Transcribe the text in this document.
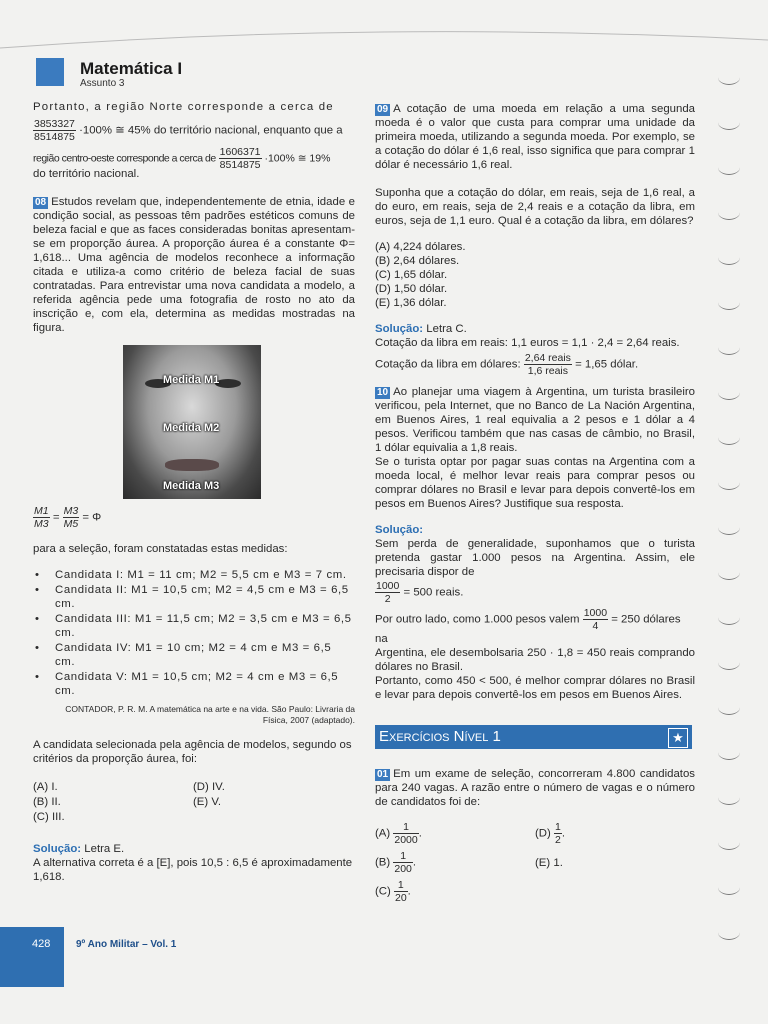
Matemática I
Assunto 3

Portanto, a região Norte corresponde a cerca de

$\frac{3853327}{8514875} \cdot 100\%$ ≅ 45% do território nacional, enquanto que a
região centro-oeste corresponde a cerca de $\frac{1606371}{8514875} \cdot 100\%$ ≅ 19%

do território nacional.

08 Estudos revelam que, independentemente de etnia, idade e condição social, as pessoas têm padrões estéticos comuns de beleza facial e que as faces consideradas bonitas apresentam-se em proporção áurea. A proporção áurea é a constante Φ= 1,618... Uma agência de modelos reconhece a informação citada e utiliza-a como critério de beleza facial de suas contratadas. Para entrevistar uma nova candidata a modelo, a referida agência pede uma fotografia de rosto no ato da inscrição e, com ela, determina as medidas mostradas na figura.

Medida M1
Medida M2
Medida M3
$\frac{M1}{M3} = \frac{M3}{M5} = \Phi$

para a seleção, foram constatadas estas medidas:

• Candidata I: M1 = 11 cm; M2 = 5,5 cm e M3 = 7 cm.
• Candidata II: M1 = 10,5 cm; M2 = 4,5 cm e M3 = 6,5 cm.
• Candidata III: M1 = 11,5 cm; M2 = 3,5 cm e M3 = 6,5 cm.
• Candidata IV: M1 = 10 cm; M2 = 4 cm e M3 = 6,5 cm.
• Candidata V: M1 = 10,5 cm; M2 = 4 cm e M3 = 6,5 cm.

CONTADOR, P. R. M. A matemática na arte e na vida. São Paulo: Livraria da Física, 2007 (adaptado).

A candidata selecionada pela agência de modelos, segundo os critérios da proporção áurea, foi:

(A) I.	(D) IV.
(B) II.	(E) V.
(C) III.

Solução: Letra E.

A alternativa correta é a [E], pois 10,5 : 6,5 é aproximadamente 1,618.

09 A cotação de uma moeda em relação a uma segunda moeda é o valor que custa para comprar uma unidade da primeira moeda, utilizando a segunda moeda. Por exemplo, se a cotação do dólar é 1,6 real, isso significa que para comprar 1 dólar é necessário 1,6 real.

Suponha que a cotação do dólar, em reais, seja de 1,6 real, a do euro, em reais, seja de 2,4 reais e a cotação da libra, em euros, seja de 1,1 euro. Qual é a cotação da libra, em dólares?

(A) 4,224 dólares.
(B) 2,64 dólares.
(C) 1,65 dólar.
(D) 1,50 dólar.
(E) 1,36 dólar.

Solução: Letra C.

Cotação da libra em reais: 1,1 euros = 1,1 · 2,4 = 2,64 reais.

Cotação da libra em dólares: $\frac{\text{2,64 reais}}{\text{1,6 reais}} = 1,65$ dólar.

10 Ao planejar uma viagem à Argentina, um turista brasileiro verificou, pela Internet, que no Banco de La Nación Argentina, em Buenos Aires, 1 real equivalia a 2 pesos e 1 dólar a 4 pesos. Verificou também que nas casas de câmbio, no Brasil, 1 dólar equivalia a 1,8 reais.

Se o turista optar por pagar suas contas na Argentina com a moeda local, é melhor levar reais para comprar pesos ou comprar dólares no Brasil e levar para depois convertê-los em pesos em Buenos Aires? Justifique sua resposta.

Solução:

Sem perda de generalidade, suponhamos que o turista pretenda gastar 1.000 pesos na Argentina. Assim, ele precisaria dispor de

$\frac{1000}{2} = 500$ reais.
Por outro lado, como 1.000 pesos valem $\frac{1000}{4} = 250$ dólares na

Argentina, ele desembolsaria 250 · 1,8 = 450 reais comprando dólares no Brasil.

Portanto, como 450 < 500, é melhor comprar dólares no Brasil e levar para depois convertê-los em pesos em Buenos Aires.

Exercícios Nível 1	★

01 Em um exame de seleção, concorreram 4.800 candidatos para 240 vagas. A razão entre o número de vagas e o número de candidatos foi de:

$(A) \frac{1}{2000}$ .	$(D) \frac{1}{2}$ .
$(B) \frac{1}{200}$ .	(E) 1.
$(C) \frac{1}{20}$ .
428	9º Ano Militar – Vol. 1
